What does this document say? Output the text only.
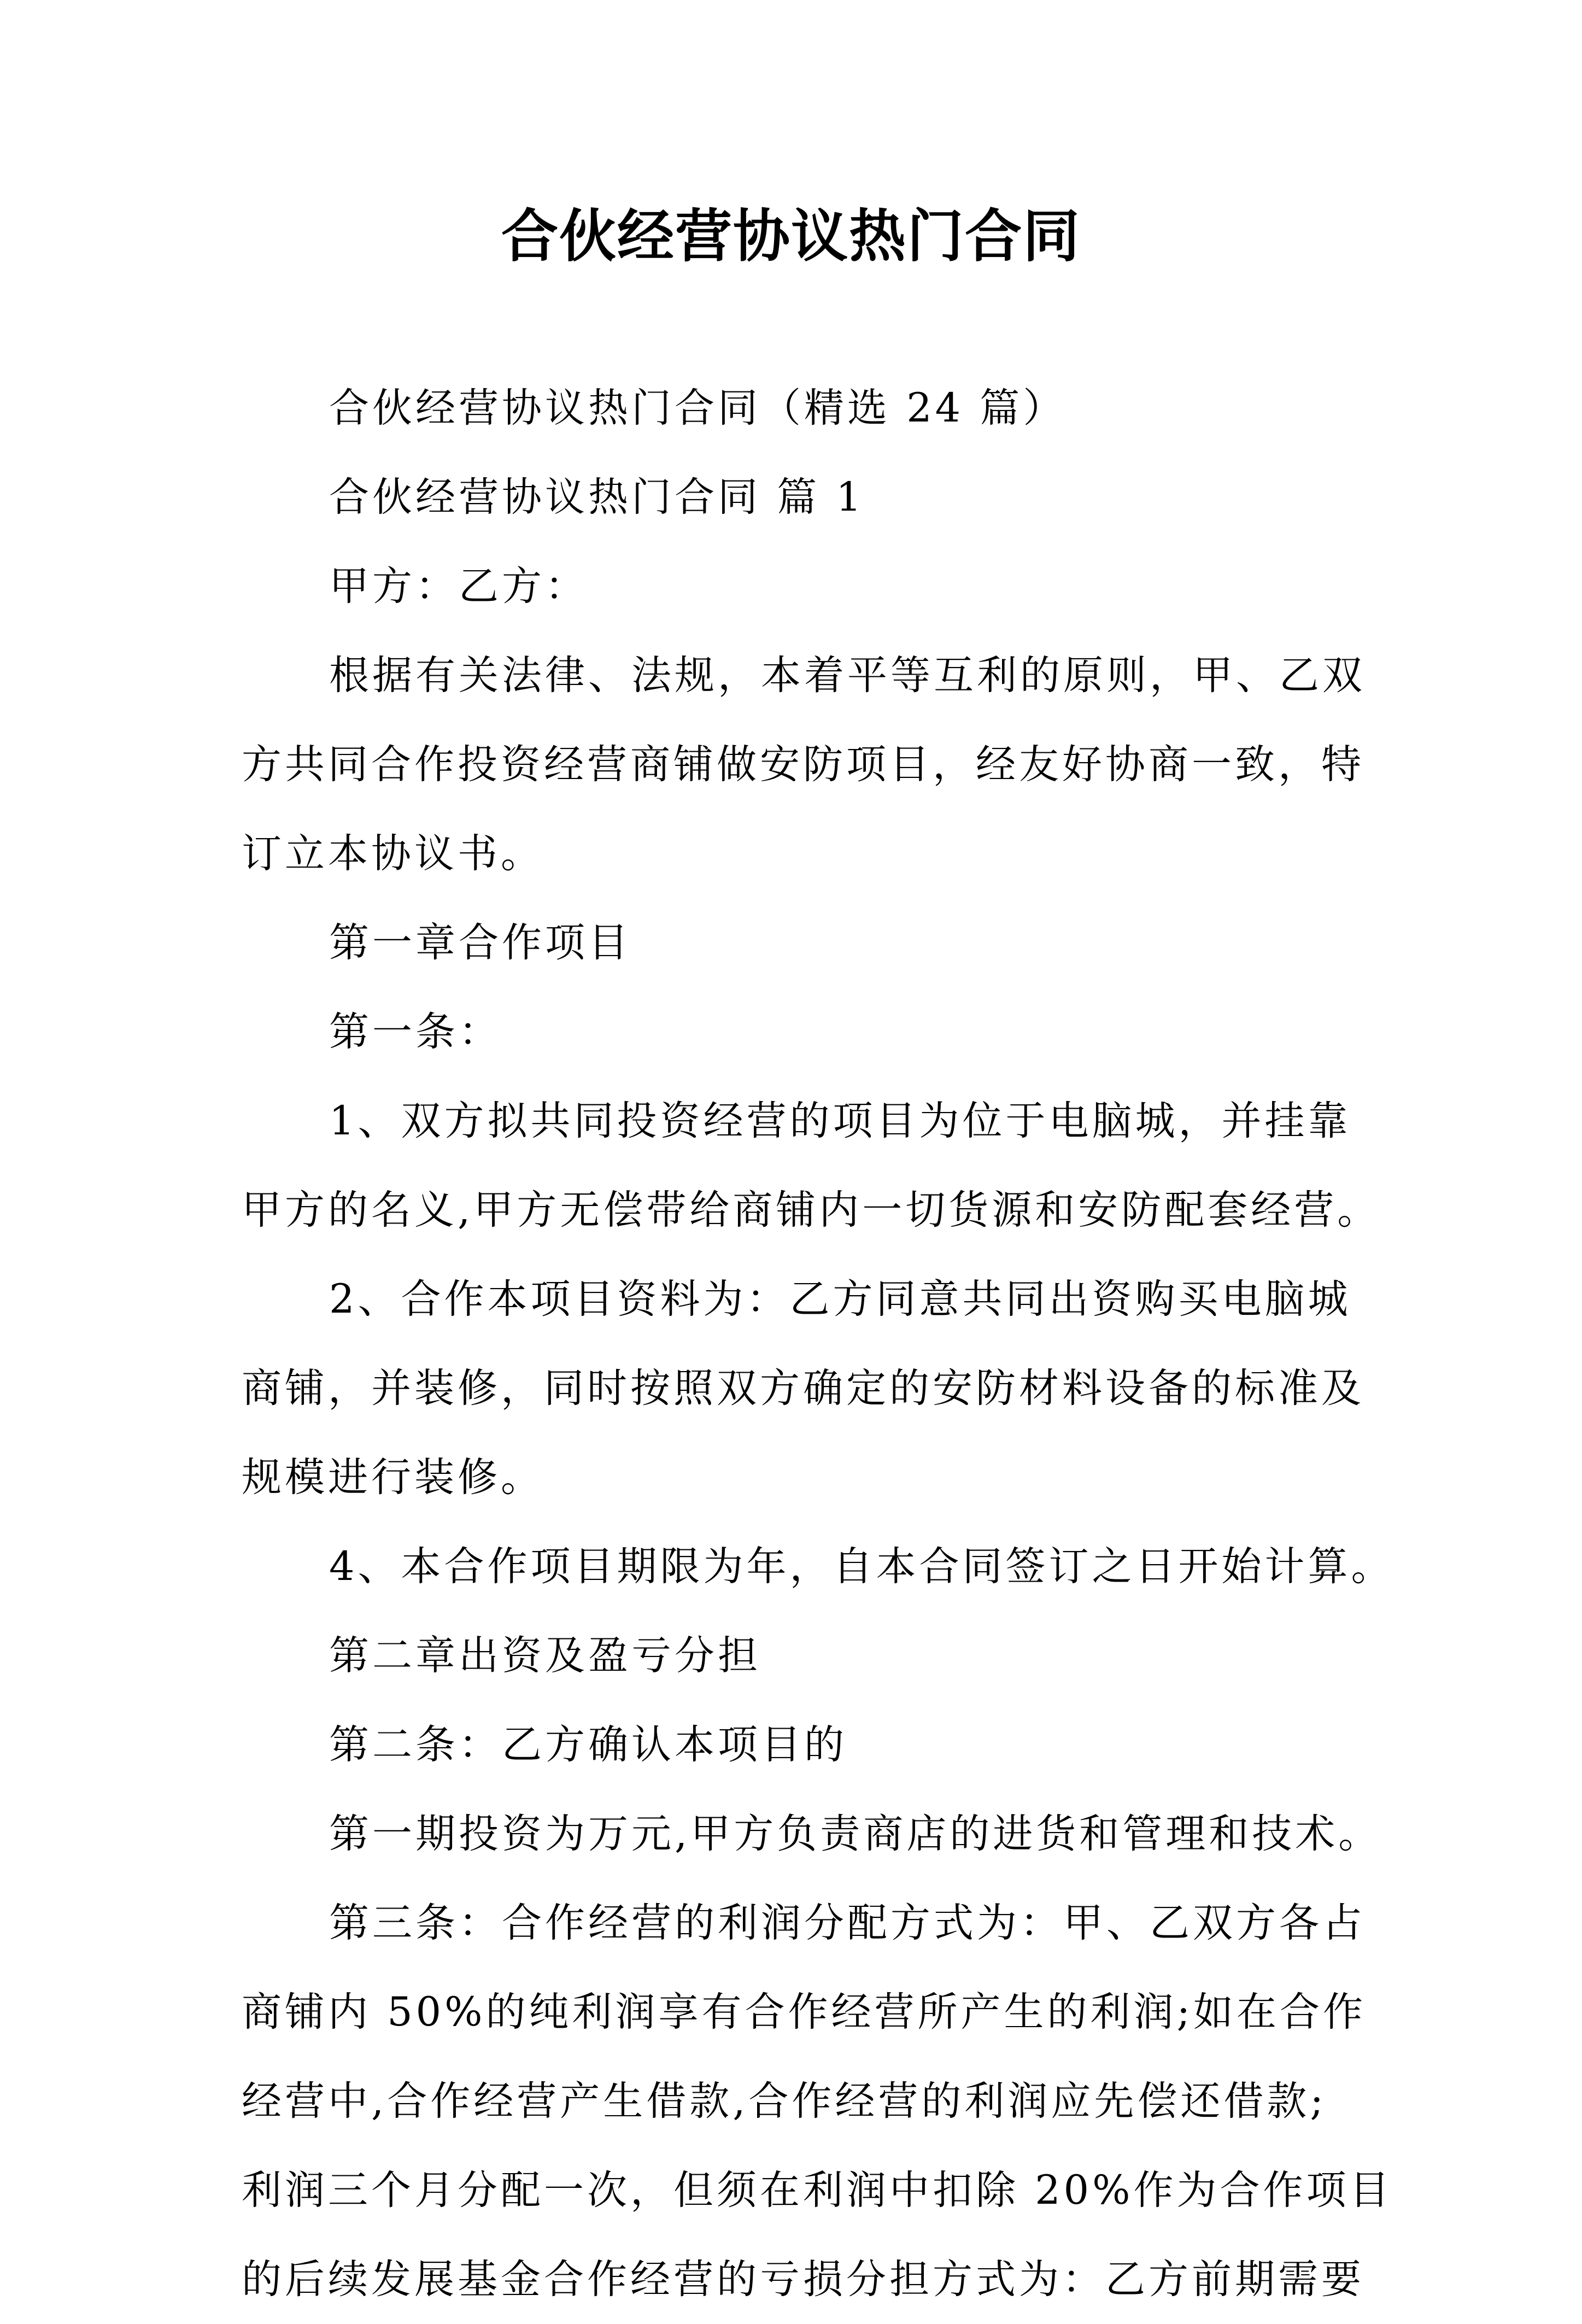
合伙经营协议热门合同
合伙经营协议热门合同（精选 24 篇）
合伙经营协议热门合同 篇 1
甲方：乙方：
根据有关法律、法规，本着平等互利的原则，甲、乙双
方共同合作投资经营商铺做安防项目，经友好协商一致，特
订立本协议书。
第一章合作项目
第一条：
1、双方拟共同投资经营的项目为位于电脑城，并挂靠
甲方的名义,甲方无偿带给商铺内一切货源和安防配套经营。
2、合作本项目资料为：乙方同意共同出资购买电脑城
商铺，并装修，同时按照双方确定的安防材料设备的标准及
规模进行装修。
4、本合作项目期限为年，自本合同签订之日开始计算。
第二章出资及盈亏分担
第二条：乙方确认本项目的
第一期投资为万元,甲方负责商店的进货和管理和技术。
第三条：合作经营的利润分配方式为：甲、乙双方各占
商铺内 50%的纯利润享有合作经营所产生的利润;如在合作
经营中,合作经营产生借款,合作经营的利润应先偿还借款;
利润三个月分配一次，但须在利润中扣除 20%作为合作项目
的后续发展基金合作经营的亏损分担方式为：乙方前期需要
